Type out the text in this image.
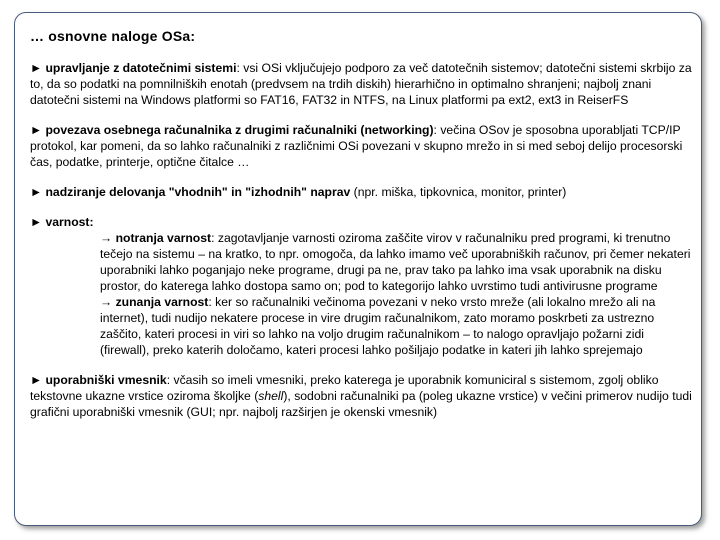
… osnovne naloge OSa:

► upravljanje z datotečnimi sistemi: vsi OSi vključujejo podporo za več datotečnih sistemov; datotečni sistemi skrbijo za to, da so podatki na pomnilniških enotah (predvsem na trdih diskih) hierarhično in optimalno shranjeni; najbolj znani datotečni sistemi na Windows platformi so FAT16, FAT32 in NTFS, na Linux platformi pa ext2, ext3 in ReiserFS

► povezava osebnega računalnika z drugimi računalniki (networking): večina OSov je sposobna uporabljati TCP/IP protokol, kar pomeni, da so lahko računalniki z različnimi OSi povezani v skupno mrežo in si med seboj delijo procesorski čas, podatke, printerje, optične čitalce …

► nadziranje delovanja "vhodnih" in "izhodnih" naprav (npr. miška, tipkovnica, monitor, printer)

► varnost:
→ notranja varnost: zagotavljanje varnosti oziroma zaščite virov v računalniku pred programi, ki trenutno tečejo na sistemu – na kratko, to npr. omogoča, da lahko imamo več uporabniških računov, pri čemer nekateri uporabniki lahko poganjajo neke programe, drugi pa ne, prav tako pa lahko ima vsak uporabnik na disku prostor, do katerega lahko dostopa samo on; pod to kategorijo lahko uvrstimo tudi antivirusne programe
→ zunanja varnost: ker so računalniki večinoma povezani v neko vrsto mreže (ali lokalno mrežo ali na internet), tudi nudijo nekatere procese in vire drugim računalnikom, zato moramo poskrbeti za ustrezno zaščito, kateri procesi in viri so lahko na voljo drugim računalnikom – to nalogo opravljajo požarni zidi (firewall), preko katerih določamo, kateri procesi lahko pošiljajo podatke in kateri jih lahko sprejemajo

► uporabniški vmesnik: včasih so imeli vmesniki, preko katerega je uporabnik komuniciral s sistemom, zgolj obliko tekstovne ukazne vrstice oziroma školjke (shell), sodobni računalniki pa (poleg ukazne vrstice) v večini primerov nudijo tudi grafični uporabniški vmesnik (GUI; npr. najbolj razširjen je okenski vmesnik)
